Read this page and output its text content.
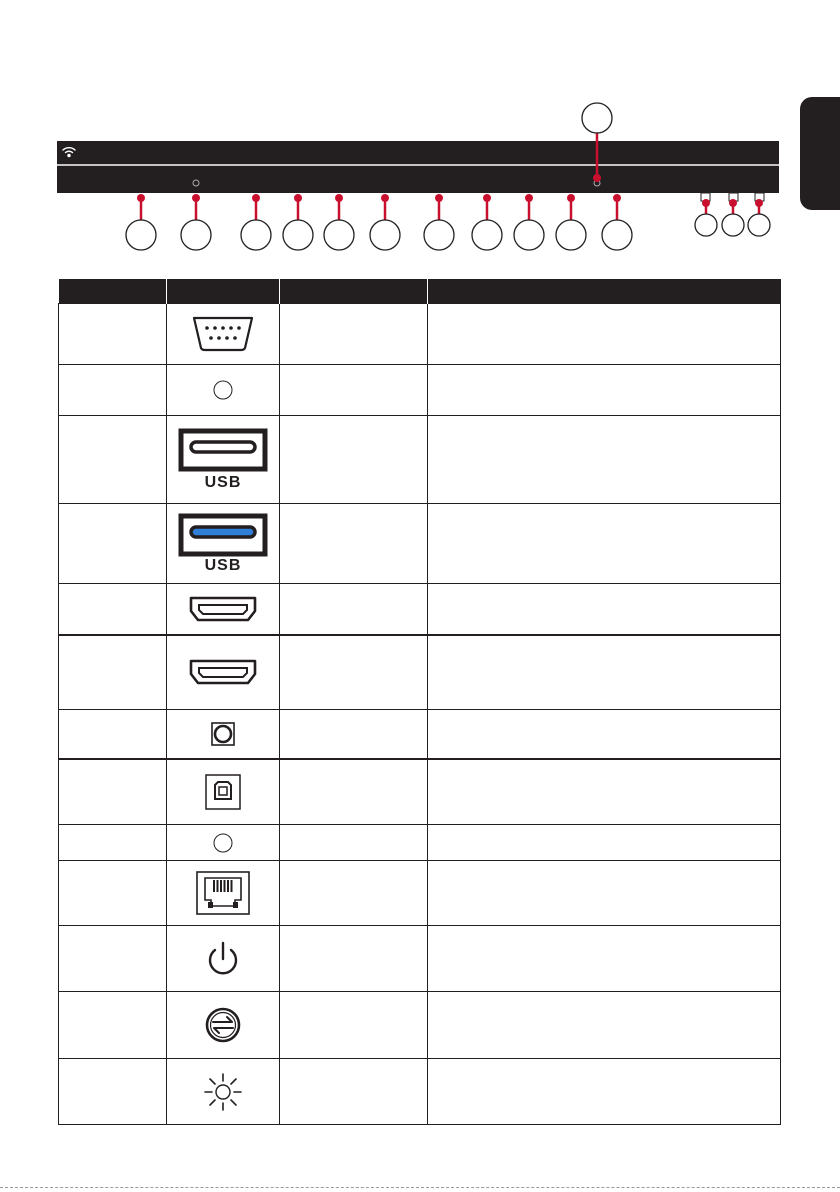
	USB		

	USB		
